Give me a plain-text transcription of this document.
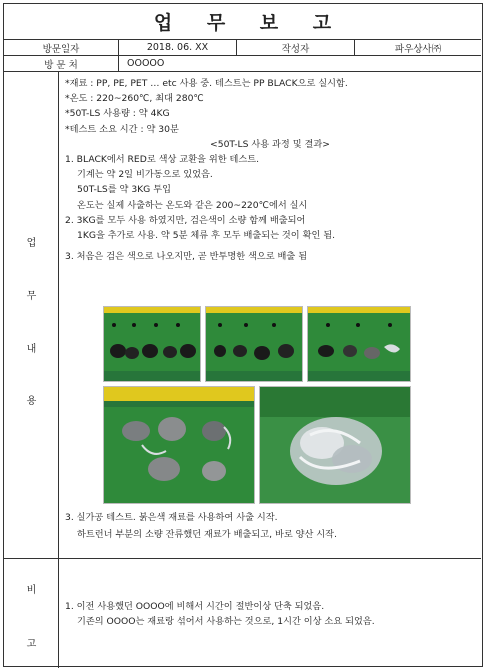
업 무 보 고
방문일자	2018. 06. XX	작성자	파우상사㈜
방 문 처	OOOOO
업
무
내
용
*재료 : PP, PE, PET … etc 사용 중. 테스트는 PP BLACK으로 실시함.
*온도 : 220~260℃, 최대 280℃
*50T-LS 사용량 : 약 4KG
*테스트 소요 시간 : 약 30분
<50T-LS 사용 과정 및 결과>
1. BLACK에서 RED로 색상 교환을 위한 테스트.
기계는 약 2일 비가동으로 있었음.
50T-LS를 약 3KG 투입
온도는 실제 사출하는 온도와 같은 200~220℃에서 실시
2. 3KG를 모두 사용 하였지만, 검은색이 소량 함께 배출되어
1KG을 추가로 사용. 약 5분 체류 후 모두 배출되는 것이 확인 됨.
3. 처음은 검은 색으로 나오지만, 곧 반투명한 색으로 배출 됨
3. 실가공 테스트. 붉은색 재료를 사용하여 사출 시작.
하트런너 부분의 소량 잔류했던 재료가 배출되고, 바로 양산 시작.
비
고
1. 이전 사용했던 OOOO에 비해서 시간이 절반이상 단축 되었음.
기존의 OOOO는 재료랑 섞어서 사용하는 것으로, 1시간 이상 소요 되었음.
